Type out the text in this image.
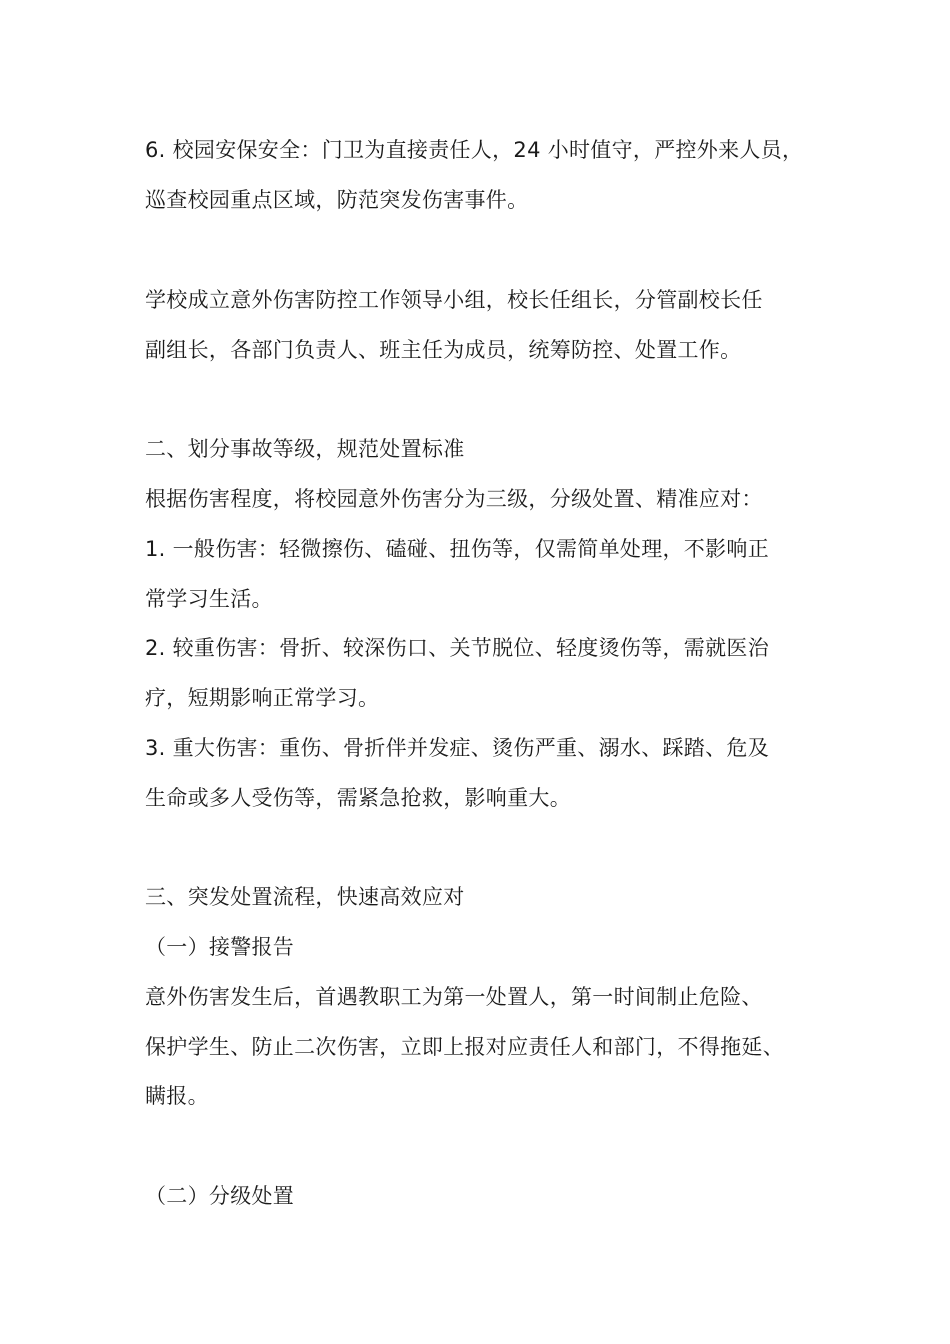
6. 校园安保安全：门卫为直接责任人，24 小时值守，严控外来人员，
巡查校园重点区域，防范突发伤害事件。
学校成立意外伤害防控工作领导小组，校长任组长，分管副校长任
副组长，各部门负责人、班主任为成员，统筹防控、处置工作。
二、划分事故等级，规范处置标准
根据伤害程度，将校园意外伤害分为三级，分级处置、精准应对：
1. 一般伤害：轻微擦伤、磕碰、扭伤等，仅需简单处理，不影响正
常学习生活。
2. 较重伤害：骨折、较深伤口、关节脱位、轻度烫伤等，需就医治
疗，短期影响正常学习。
3. 重大伤害：重伤、骨折伴并发症、烫伤严重、溺水、踩踏、危及
生命或多人受伤等，需紧急抢救，影响重大。
三、突发处置流程，快速高效应对
（一）接警报告
意外伤害发生后，首遇教职工为第一处置人，第一时间制止危险、
保护学生、防止二次伤害，立即上报对应责任人和部门，不得拖延、
瞒报。
（二）分级处置
